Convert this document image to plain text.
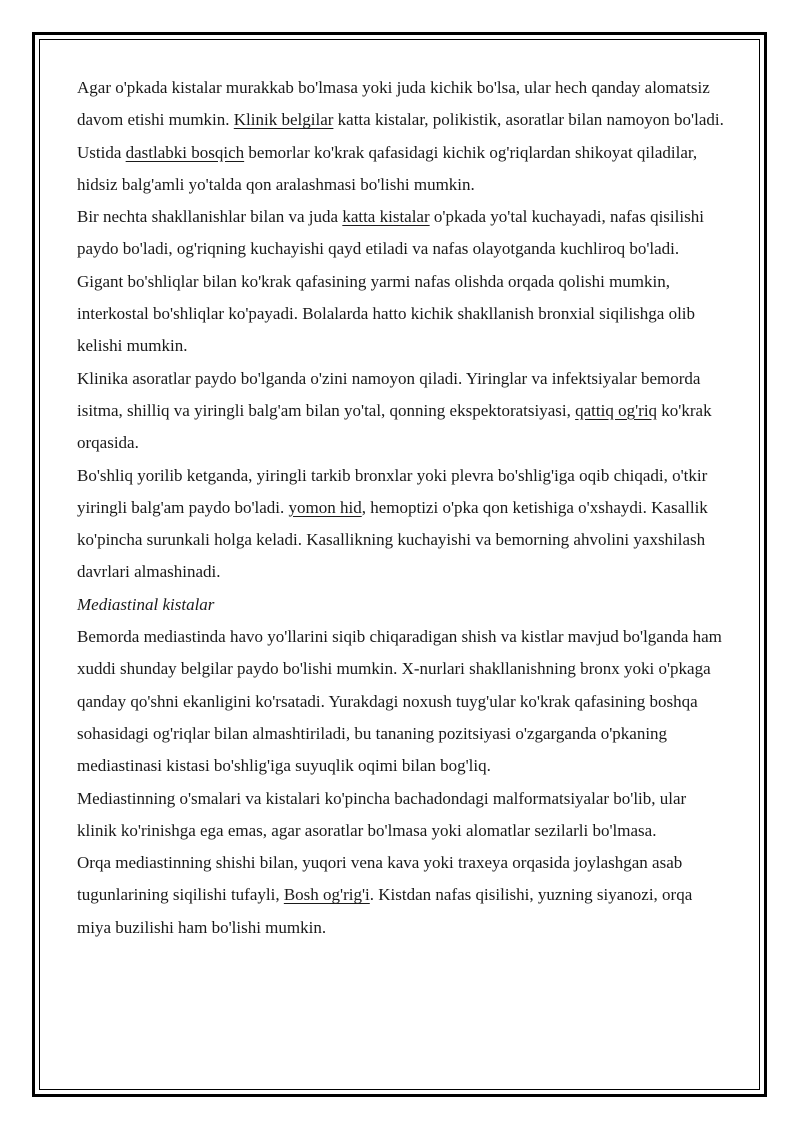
Agar o'pkada kistalar murakkab bo'lmasa yoki juda kichik bo'lsa, ular hech qanday alomatsiz davom etishi mumkin. Klinik belgilar katta kistalar, polikistik, asoratlar bilan namoyon bo'ladi. Ustida dastlabki bosqich bemorlar ko'krak qafasidagi kichik og'riqlardan shikoyat qiladilar, hidsiz balg'amli yo'talda qon aralashmasi bo'lishi mumkin.

Bir nechta shakllanishlar bilan va juda katta kistalar o'pkada yo'tal kuchayadi, nafas qisilishi paydo bo'ladi, og'riqning kuchayishi qayd etiladi va nafas olayotganda kuchliroq bo'ladi. Gigant bo'shliqlar bilan ko'krak qafasining yarmi nafas olishda orqada qolishi mumkin, interkostal bo'shliqlar ko'payadi. Bolalarda hatto kichik shakllanish bronxial siqilishga olib kelishi mumkin.

Klinika asoratlar paydo bo'lganda o'zini namoyon qiladi. Yiringlar va infektsiyalar bemorda isitma, shilliq va yiringli balg'am bilan yo'tal, qonning ekspektoratsiyasi, qattiq og'riq ko'krak orqasida.

Bo'shliq yorilib ketganda, yiringli tarkib bronxlar yoki plevra bo'shlig'iga oqib chiqadi, o'tkir yiringli balg'am paydo bo'ladi. yomon hid, hemoptizi o'pka qon ketishiga o'xshaydi. Kasallik ko'pincha surunkali holga keladi. Kasallikning kuchayishi va bemorning ahvolini yaxshilash davrlari almashinadi.

Mediastinal kistalar

Bemorda mediastinda havo yo'llarini siqib chiqaradigan shish va kistlar mavjud bo'lganda ham xuddi shunday belgilar paydo bo'lishi mumkin. X-nurlari shakllanishning bronx yoki o'pkaga qanday qo'shni ekanligini ko'rsatadi. Yurakdagi noxush tuyg'ular ko'krak qafasining boshqa sohasidagi og'riqlar bilan almashtiriladi, bu tananing pozitsiyasi o'zgarganda o'pkaning mediastinasi kistasi bo'shlig'iga suyuqlik oqimi bilan bog'liq.

Mediastinning o'smalari va kistalari ko'pincha bachadondagi malformatsiyalar bo'lib, ular klinik ko'rinishga ega emas, agar asoratlar bo'lmasa yoki alomatlar sezilarli bo'lmasa.

Orqa mediastinning shishi bilan, yuqori vena kava yoki traxeya orqasida joylashgan asab tugunlarining siqilishi tufayli, Bosh og'rig'i. Kistdan nafas qisilishi, yuzning siyanozi, orqa miya buzilishi ham bo'lishi mumkin.
